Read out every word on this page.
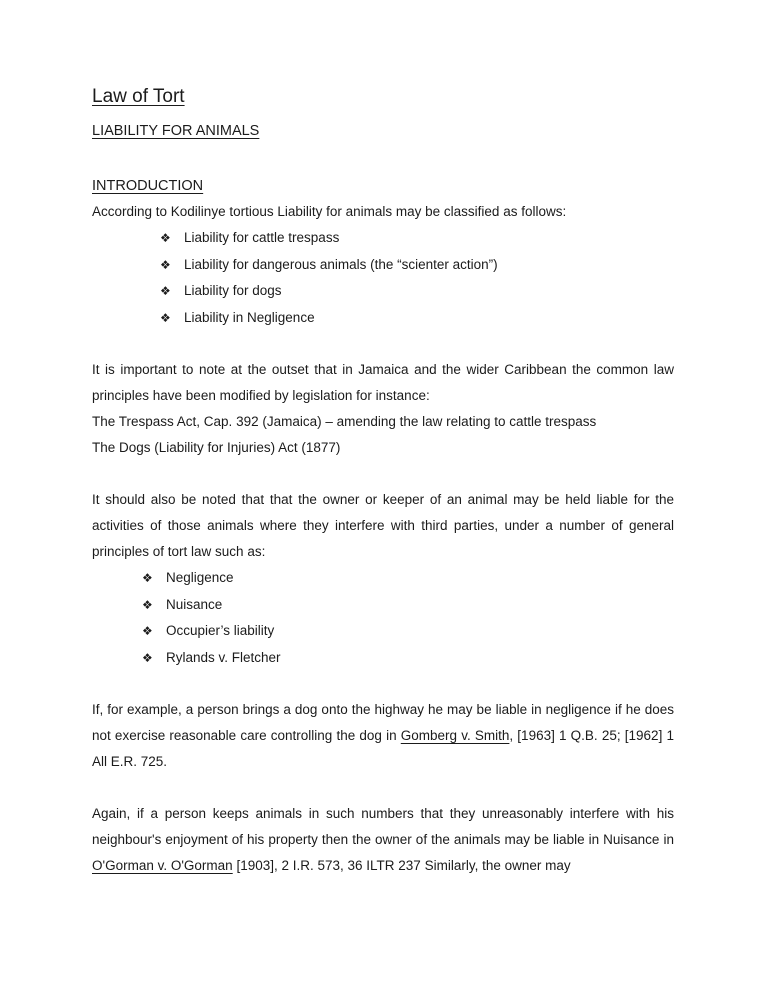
Law of Tort
LIABILITY FOR ANIMALS
INTRODUCTION

According to Kodilinye tortious Liability for animals may be classified as follows:

❖ Liability for cattle trespass
❖ Liability for dangerous animals (the “scienter action”)
❖ Liability for dogs
❖ Liability in Negligence

It is important to note at the outset that in Jamaica and the wider Caribbean the common law principles have been modified by legislation for instance:

The Trespass Act, Cap. 392 (Jamaica) – amending the law relating to cattle trespass

The Dogs (Liability for Injuries) Act (1877)

It should also be noted that that the owner or keeper of an animal may be held liable for the activities of those animals where they interfere with third parties, under a number of general principles of tort law such as:

❖ Negligence
❖ Nuisance
❖ Occupier’s liability
❖ Rylands v. Fletcher

If, for example, a person brings a dog onto the highway he may be liable in negligence if he does not exercise reasonable care controlling the dog in Gomberg v. Smith, [1963] 1 Q.B. 25; [1962] 1 All E.R. 725.

Again, if a person keeps animals in such numbers that they unreasonably interfere with his neighbour's enjoyment of his property then the owner of the animals may be liable in Nuisance in O'Gorman v. O'Gorman [1903], 2 I.R. 573, 36 ILTR 237 Similarly, the owner may
